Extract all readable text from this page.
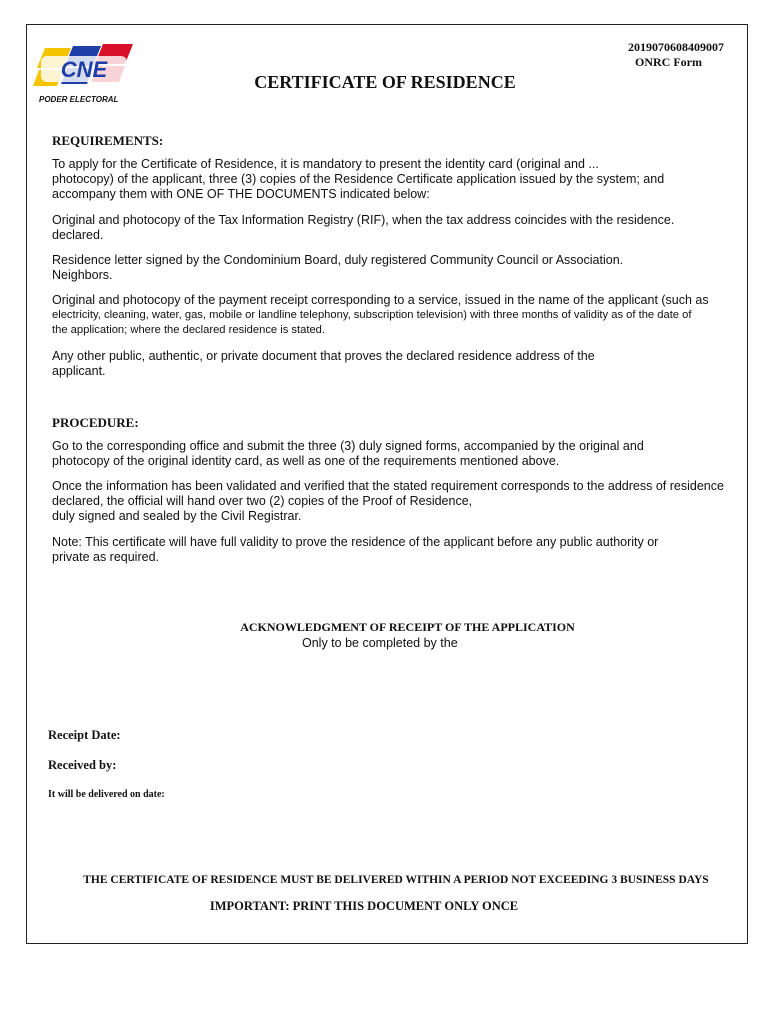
CNE
PODER ELECTORAL
2019070608409007
ONRC Form
CERTIFICATE OF RESIDENCE
REQUIREMENTS:
To apply for the Certificate of Residence, it is mandatory to present the identity card (original and ...
photocopy) of the applicant, three (3) copies of the Residence Certificate application issued by the system; and
accompany them with ONE OF THE DOCUMENTS indicated below:
Original and photocopy of the Tax Information Registry (RIF), when the tax address coincides with the residence.
declared.
Residence letter signed by the Condominium Board, duly registered Community Council or Association.
Neighbors.
Original and photocopy of the payment receipt corresponding to a service, issued in the name of the applicant (such as
electricity, cleaning, water, gas, mobile or landline telephony, subscription television) with three months of validity as of the date of
the application; where the declared residence is stated.
Any other public, authentic, or private document that proves the declared residence address of the
applicant.
PROCEDURE:
Go to the corresponding office and submit the three (3) duly signed forms, accompanied by the original and
photocopy of the original identity card, as well as one of the requirements mentioned above.
Once the information has been validated and verified that the stated requirement corresponds to the address of residence
declared, the official will hand over two (2) copies of the Proof of Residence,
duly signed and sealed by the Civil Registrar.
Note: This certificate will have full validity to prove the residence of the applicant before any public authority or
private as required.
ACKNOWLEDGMENT OF RECEIPT OF THE APPLICATION
Only to be completed by the
Receipt Date:
Received by:
It will be delivered on date:
THE CERTIFICATE OF RESIDENCE MUST BE DELIVERED WITHIN A PERIOD NOT EXCEEDING 3 BUSINESS DAYS
IMPORTANT: PRINT THIS DOCUMENT ONLY ONCE
